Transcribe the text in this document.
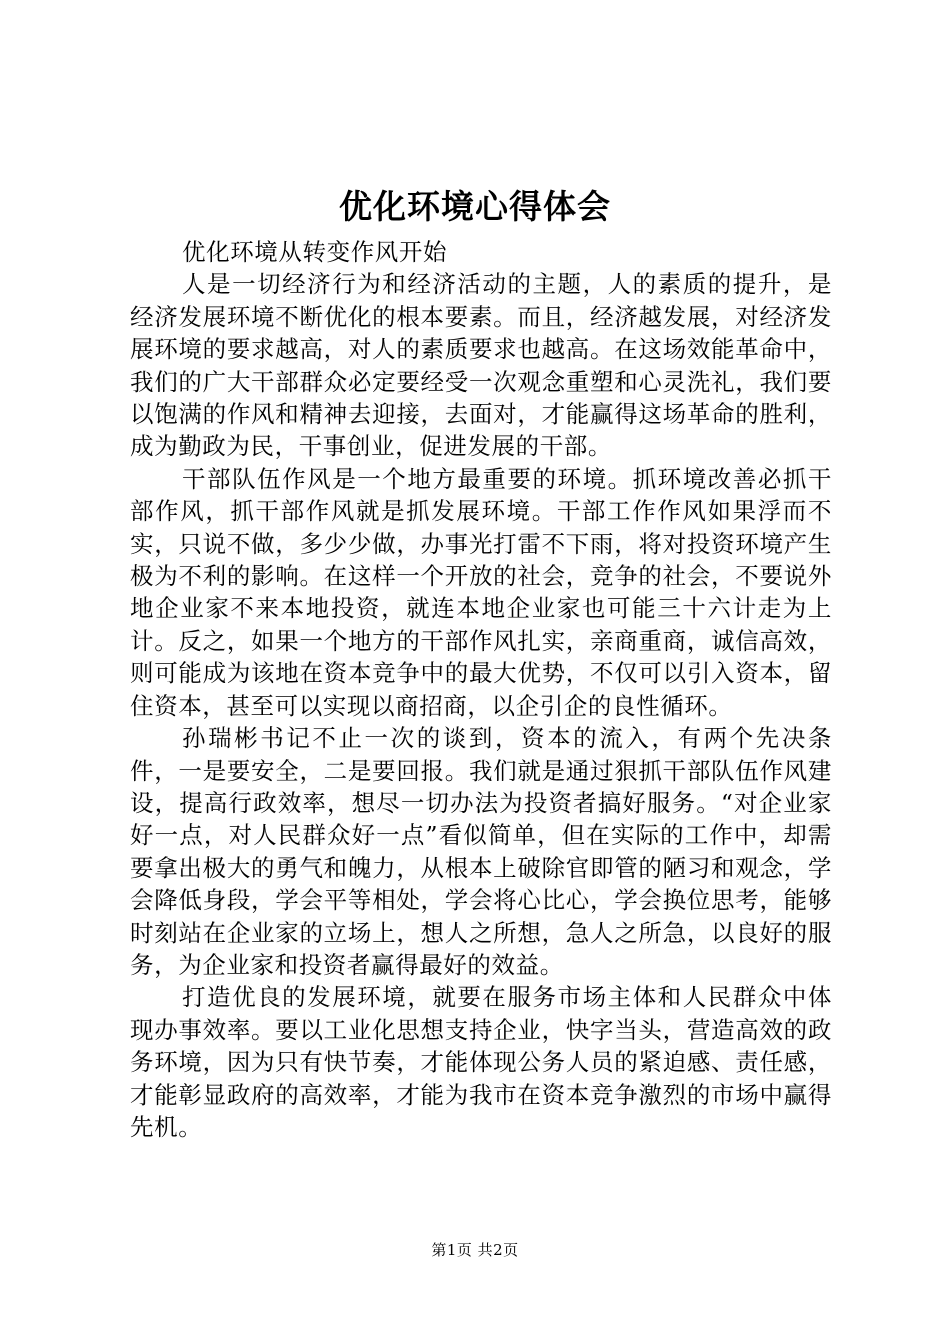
优化环境心得体会

优化环境从转变作风开始

人是一切经济行为和经济活动的主题，人的素质的提升，是经济发展环境不断优化的根本要素。而且，经济越发展，对经济发展环境的要求越高，对人的素质要求也越高。在这场效能革命中，我们的广大干部群众必定要经受一次观念重塑和心灵洗礼，我们要以饱满的作风和精神去迎接，去面对，才能赢得这场革命的胜利，成为勤政为民，干事创业，促进发展的干部。

干部队伍作风是一个地方最重要的环境。抓环境改善必抓干部作风，抓干部作风就是抓发展环境。干部工作作风如果浮而不实，只说不做，多少少做，办事光打雷不下雨，将对投资环境产生极为不利的影响。在这样一个开放的社会，竞争的社会，不要说外地企业家不来本地投资，就连本地企业家也可能三十六计走为上计。反之，如果一个地方的干部作风扎实，亲商重商，诚信高效，则可能成为该地在资本竞争中的最大优势，不仅可以引入资本，留住资本，甚至可以实现以商招商，以企引企的良性循环。

孙瑞彬书记不止一次的谈到，资本的流入，有两个先决条件，一是要安全，二是要回报。我们就是通过狠抓干部队伍作风建设，提高行政效率，想尽一切办法为投资者搞好服务。“对企业家好一点，对人民群众好一点”看似简单，但在实际的工作中，却需要拿出极大的勇气和魄力，从根本上破除官即管的陋习和观念，学会降低身段，学会平等相处，学会将心比心，学会换位思考，能够时刻站在企业家的立场上，想人之所想，急人之所急，以良好的服务，为企业家和投资者赢得最好的效益。

打造优良的发展环境，就要在服务市场主体和人民群众中体现办事效率。要以工业化思想支持企业，快字当头，营造高效的政务环境，因为只有快节奏，才能体现公务人员的紧迫感、责任感，才能彰显政府的高效率，才能为我市在资本竞争激烈的市场中赢得先机。

第1页 共2页
